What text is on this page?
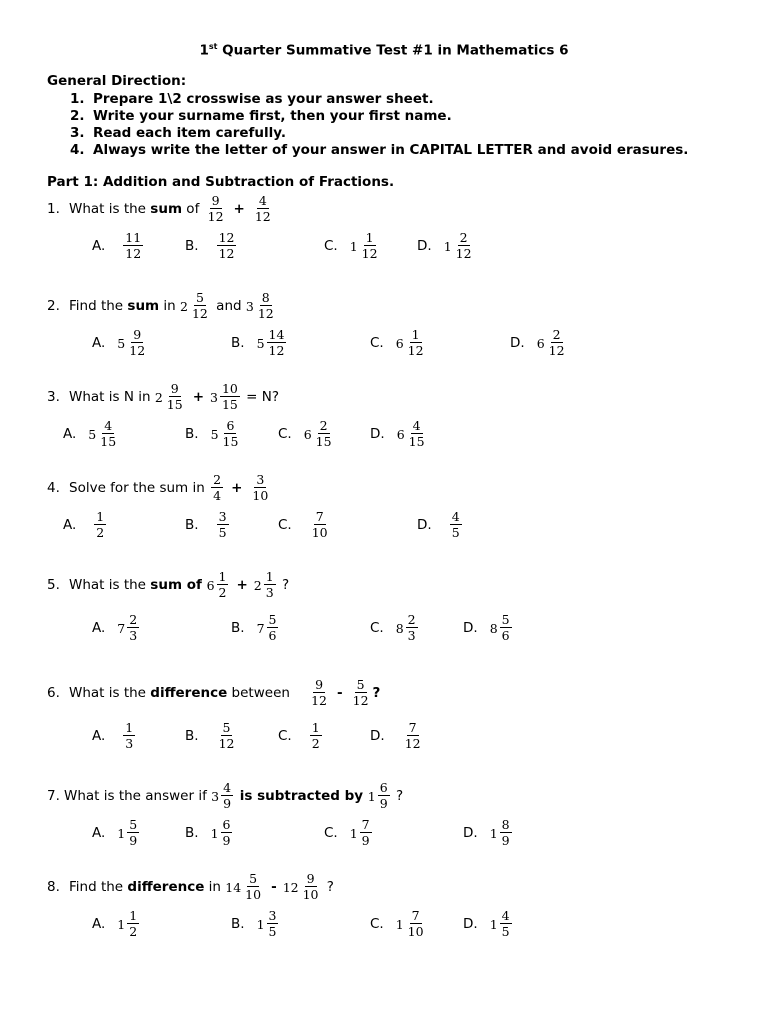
1st Quarter Summative Test #1 in Mathematics 6
General Direction:
1. Prepare 1\2 crosswise as your answer sheet.
2. Write your surname first, then your first name.
3. Read each item carefully.
4. Always write the letter of your answer in CAPITAL LETTER and avoid erasures.
Part 1: Addition and Subtraction of Fractions.
1. What is the sum of $\frac{9}{12} + \frac{4}{12}$
A. $\frac{11}{12}$	B. $\frac{12}{12}$	C. $1 \frac{1}{12}$	D. $1 \frac{2}{12}$
2. Find the sum in $2 \frac{5}{12}$ and $3 \frac{8}{12}$
A. $5 \frac{9}{12}$	B. $5 \frac{14}{12}$	C. $6 \frac{1}{12}$	D. $6 \frac{2}{12}$
3. What is N in $2 \frac{9}{15} + 3 \frac{10}{15} = N$?
A. $5 \frac{4}{15}$	B. $5 \frac{6}{15}$	C. $6 \frac{2}{15}$	D. $6 \frac{4}{15}$
4. Solve for the sum in $\frac{2}{4} + \frac{3}{10}$
A. $\frac{1}{2}$	B. $\frac{3}{5}$	C. $\frac{7}{10}$	D. $\frac{4}{5}$
5. What is the sum of $6 \frac{1}{2} + 2 \frac{1}{3}$ ?
A. $7 \frac{2}{3}$	B. $7 \frac{5}{6}$	C. $8 \frac{2}{3}$	D. $8 \frac{5}{6}$
6. What is the difference between $\frac{9}{12} - \frac{5}{12}$ ?
A. $\frac{1}{3}$	B. $\frac{5}{12}$	C. $\frac{1}{2}$	D. $\frac{7}{12}$
7. What is the answer if $3 \frac{4}{9}$ is subtracted by $1 \frac{6}{9}$ ?
A. $1 \frac{5}{9}$	B. $1 \frac{6}{9}$	C. $1 \frac{7}{9}$	D. $1 \frac{8}{9}$
8. Find the difference in $14 \frac{5}{10} - 12 \frac{9}{10}$ ?
A. $1 \frac{1}{2}$	B. $1 \frac{3}{5}$	C. $1 \frac{7}{10}$	D. $1 \frac{4}{5}$
